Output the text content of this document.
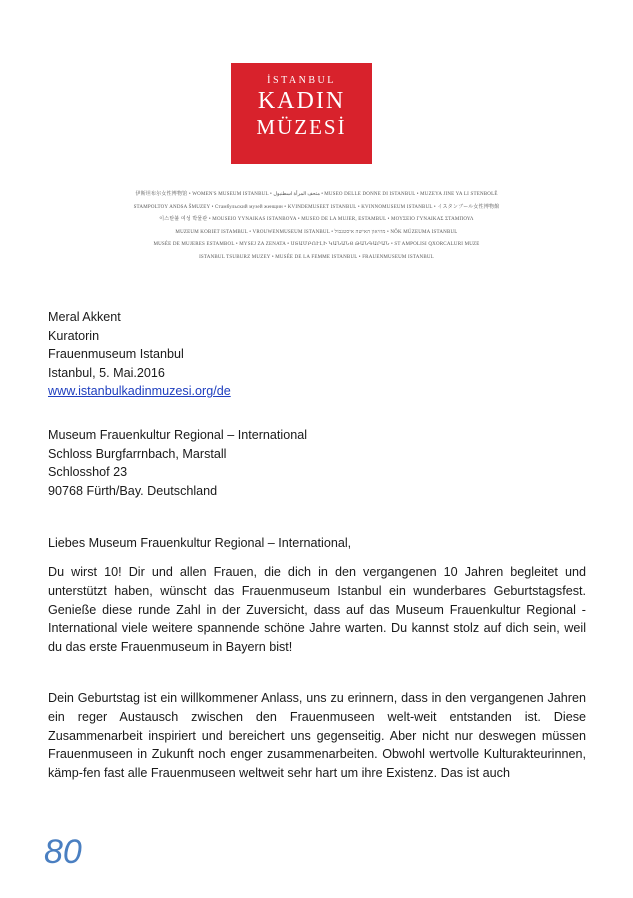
İSTANBUL
KADIN
MÜZESİ
伊斯坦布尔女性博物馆 • WOMEN'S MUSEUM ISTANBUL • متحف المرأة اسطنبول • MUSEO DELLE DONNE DI ISTANBUL • MUZEYA JINE YA LI STENBOLÊ
STAMPOLTOY ANDSA ŠMUZEY • Стамбульский музей женщин • KVINDEMUSEET ISTANBUL • KVINNOMUSEUM ISTANBUL • イスタンブール女性博物館
이스탄불 여성 박물관 • MOUSEIO YYNAIKAS ISTANBOYA • MUSEO DE LA MUJER, ESTAMBUL • ΜΟΥΣΕΙΟ ΓΥΝΑΙΚΑΣ ΣΤΑΜΠΟΥΛ
MUZEUM KOBIET ISTAMBUL • VROUWENMUSEUM ISTANBUL • מוזיאון האישה איסטנבול • NŐK MÚZEUMA ISTANBUL
MUSÉE DE MUJERES ESTAMBOL • MYSEJ ZA ZENATA • ՍՏԱՄԲՈՒԼԻ ԿԱՆԱՆՑ ԹԱՆԳԱՐԱՆ • ST AMPOLISI QXORCALURI MUZE
ISTANBUL TSUBURZ MUZEY • MUSÉE DE LA FEMME ISTANBUL • FRAUENMUSEUM ISTANBUL
Meral Akkent
Kuratorin
Frauenmuseum Istanbul
Istanbul, 5. Mai.2016
www.istanbulkadinmuzesi.org/de
Museum Frauenkultur Regional – International
Schloss Burgfarrnbach, Marstall
Schlosshof 23
90768 Fürth/Bay. Deutschland
Liebes Museum Frauenkultur Regional – International,
Du wirst 10! Dir und allen Frauen, die dich in den vergangenen 10 Jahren begleitet und unterstützt haben, wünscht das Frauenmuseum Istanbul ein wunderbares Geburtstagsfest. Genieße diese runde Zahl in der Zuversicht, dass auf das Museum Frauenkultur Regional - International viele weitere spannende schöne Jahre warten. Du kannst stolz auf dich sein, weil du das erste Frauenmuseum in Bayern bist!
Dein Geburtstag ist ein willkommener Anlass, uns zu erinnern, dass in den vergangenen Jahren ein reger Austausch zwischen den Frauenmuseen welt-weit entstanden ist. Diese Zusammenarbeit inspiriert und bereichert uns gegenseitig. Aber nicht nur deswegen müssen Frauenmuseen in Zukunft noch enger zusammenarbeiten. Obwohl wertvolle Kulturakteurinnen, kämp-fen fast alle Frauenmuseen weltweit sehr hart um ihre Existenz. Das ist auch
80
